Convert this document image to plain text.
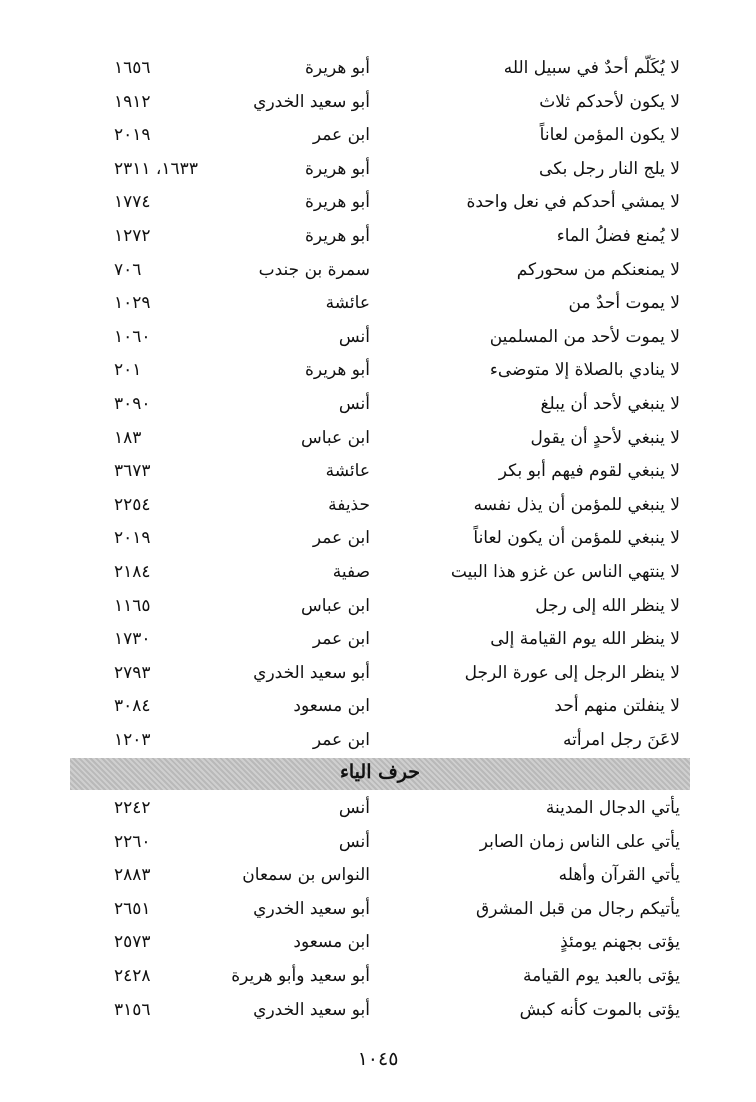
لا يُكَلّم أحدٌ في سبيل الله
أبو هريرة
١٦٥٦
لا يكون لأحدكم ثلاث
أبو سعيد الخدري
١٩١٢
لا يكون المؤمن لعاناً
ابن عمر
٢٠١٩
لا يلج النار رجل بكى
أبو هريرة
١٦٣٣، ٢٣١١
لا يمشي أحدكم في نعل واحدة
أبو هريرة
١٧٧٤
لا يُمنع فضلُ الماء
أبو هريرة
١٢٧٢
لا يمنعنكم من سحوركم
سمرة بن جندب
٧٠٦
لا يموت أحدٌ من
عائشة
١٠٢٩
لا يموت لأحد من المسلمين
أنس
١٠٦٠
لا ينادي بالصلاة إلا متوضىء
أبو هريرة
٢٠١
لا ينبغي لأحد أن يبلغ
أنس
٣٠٩٠
لا ينبغي لأحدٍ أن يقول
ابن عباس
١٨٣
لا ينبغي لقوم فيهم أبو بكر
عائشة
٣٦٧٣
لا ينبغي للمؤمن أن يذل نفسه
حذيفة
٢٢٥٤
لا ينبغي للمؤمن أن يكون لعاناً
ابن عمر
٢٠١٩
لا ينتهي الناس عن غزو هذا البيت
صفية
٢١٨٤
لا ينظر الله إلى رجل
ابن عباس
١١٦٥
لا ينظر الله يوم القيامة إلى
ابن عمر
١٧٣٠
لا ينظر الرجل إلى عورة الرجل
أبو سعيد الخدري
٢٧٩٣
لا ينفلتن منهم أحد
ابن مسعود
٣٠٨٤
لاعَنَ رجل امرأته
ابن عمر
١٢٠٣
حرف الياء
يأتي الدجال المدينة
أنس
٢٢٤٢
يأتي على الناس زمان الصابر
أنس
٢٢٦٠
يأتي القرآن وأهله
النواس بن سمعان
٢٨٨٣
يأتيكم رجال من قبل المشرق
أبو سعيد الخدري
٢٦٥١
يؤتى بجهنم يومئذٍ
ابن مسعود
٢٥٧٣
يؤتى بالعبد يوم القيامة
أبو سعيد وأبو هريرة
٢٤٢٨
يؤتى بالموت كأنه كبش
أبو سعيد الخدري
٣١٥٦
١٠٤٥
